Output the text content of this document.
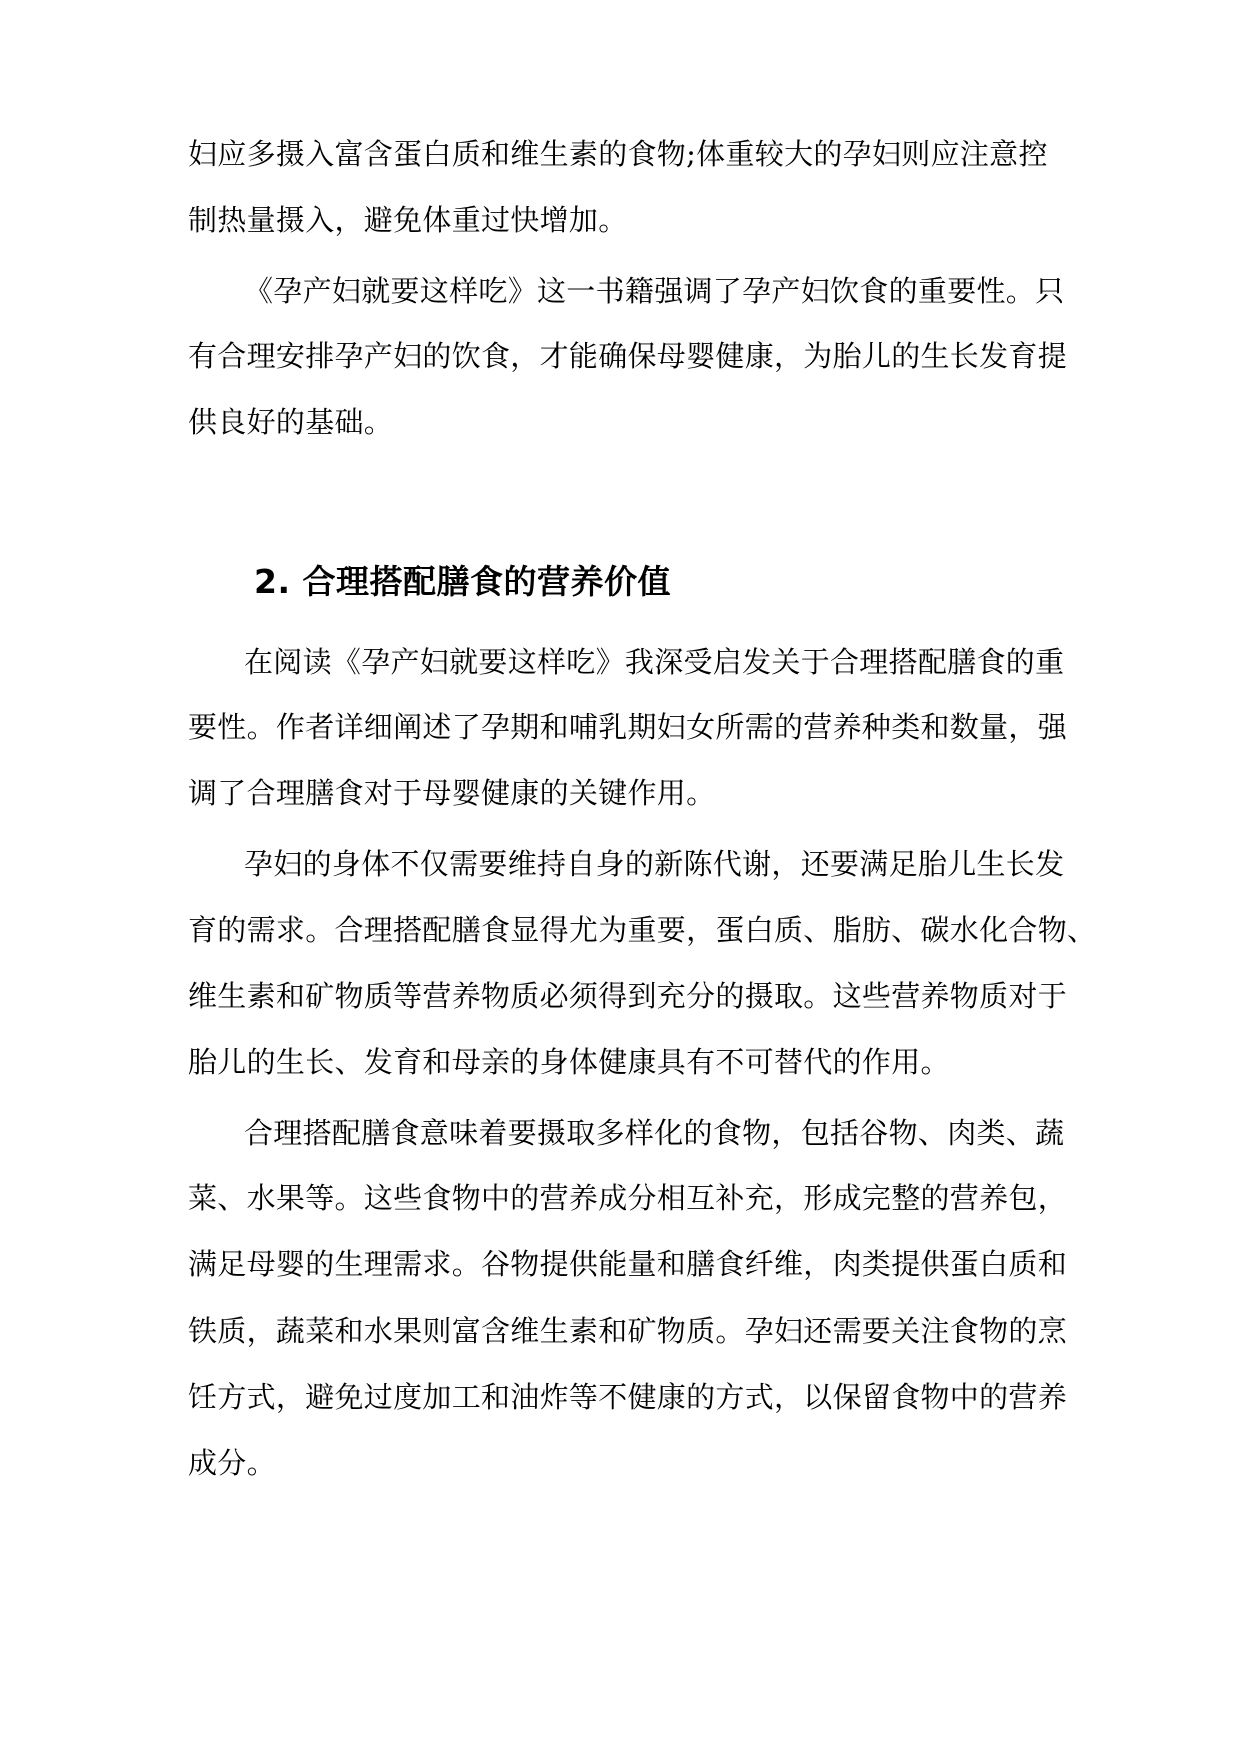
妇应多摄入富含蛋白质和维生素的食物;体重较大的孕妇则应注意控
制热量摄入，避免体重过快增加。
《孕产妇就要这样吃》这一书籍强调了孕产妇饮食的重要性。只
有合理安排孕产妇的饮食，才能确保母婴健康，为胎儿的生长发育提
供良好的基础。
2. 合理搭配膳食的营养价值
在阅读《孕产妇就要这样吃》我深受启发关于合理搭配膳食的重
要性。作者详细阐述了孕期和哺乳期妇女所需的营养种类和数量，强
调了合理膳食对于母婴健康的关键作用。
孕妇的身体不仅需要维持自身的新陈代谢，还要满足胎儿生长发
育的需求。合理搭配膳食显得尤为重要，蛋白质、脂肪、碳水化合物、
维生素和矿物质等营养物质必须得到充分的摄取。这些营养物质对于
胎儿的生长、发育和母亲的身体健康具有不可替代的作用。
合理搭配膳食意味着要摄取多样化的食物，包括谷物、肉类、蔬
菜、水果等。这些食物中的营养成分相互补充，形成完整的营养包，
满足母婴的生理需求。谷物提供能量和膳食纤维，肉类提供蛋白质和
铁质，蔬菜和水果则富含维生素和矿物质。孕妇还需要关注食物的烹
饪方式，避免过度加工和油炸等不健康的方式，以保留食物中的营养
成分。
